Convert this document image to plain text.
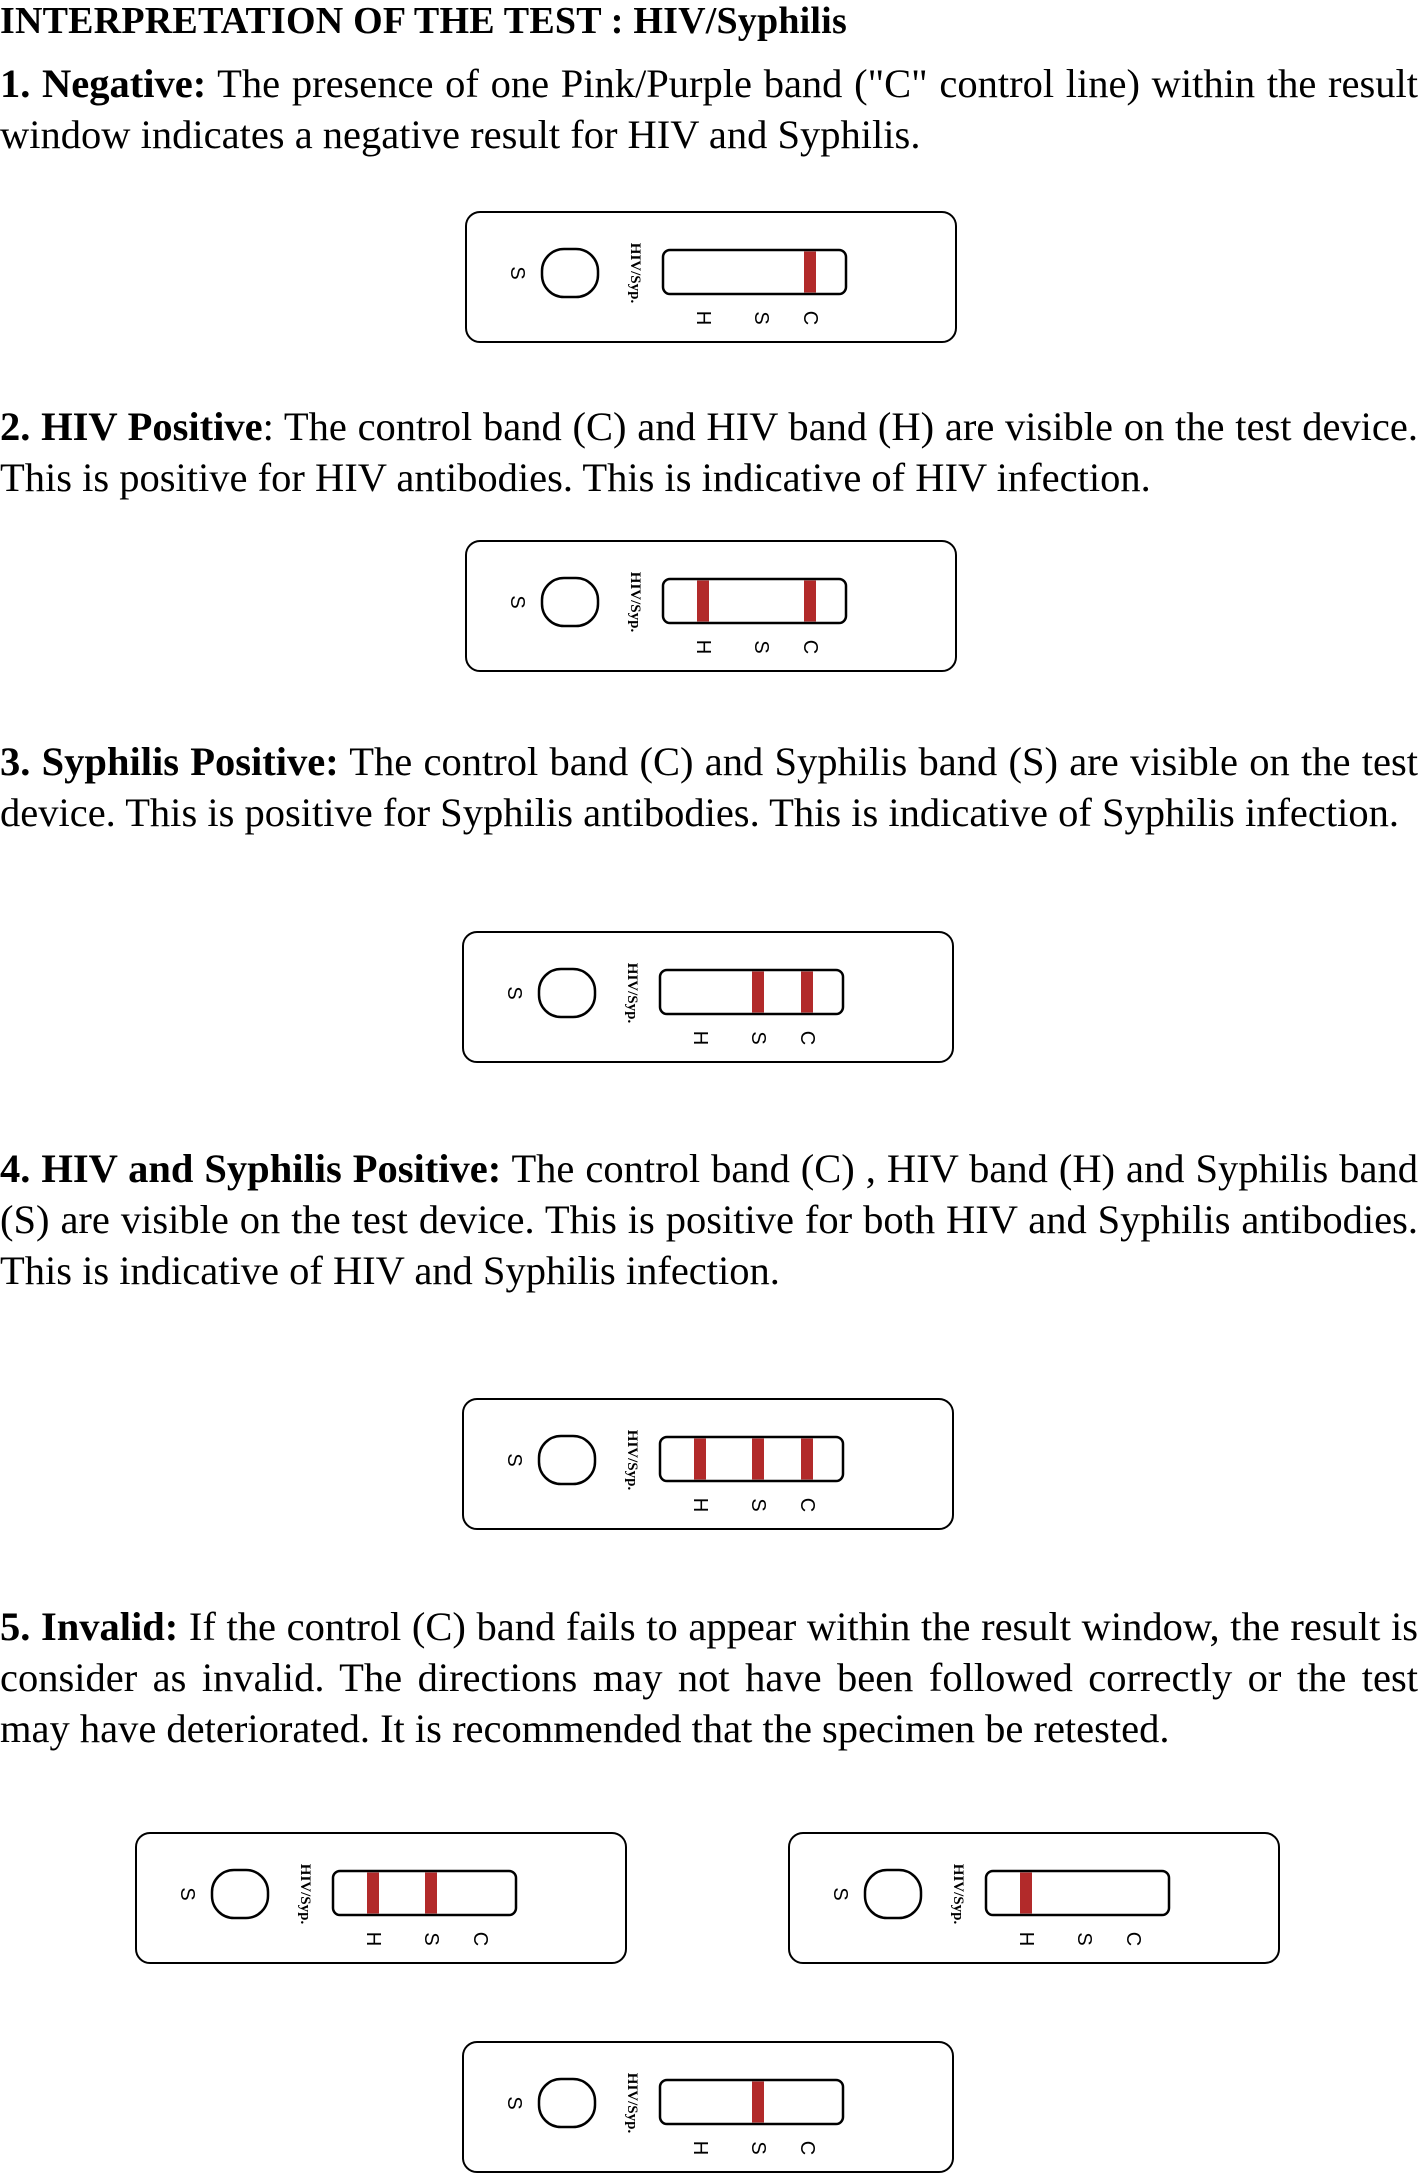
INTERPRETATION OF THE TEST : HIV/Syphilis

1. Negative: The presence of one Pink/Purple band ("C" control line) within the result window indicates a negative result for HIV and Syphilis.

S	HIV/Syp.
H S C

2. HIV Positive: The control band (C) and HIV band (H) are visible on the test device. This is positive for HIV antibodies. This is indicative of HIV infection.

S	HIV/Syp.
H S C

3. Syphilis Positive: The control band (C) and Syphilis band (S) are visible on the test device. This is positive for Syphilis antibodies. This is indicative of Syphilis infection.

S	HIV/Syp.
H S C

4. HIV and Syphilis Positive: The control band (C) , HIV band (H) and Syphilis band (S) are visible on the test device. This is positive for both HIV and Syphilis antibodies. This is indicative of HIV and Syphilis infection.

S	HIV/Syp.
H S C

5. Invalid: If the control (C) band fails to appear within the result window, the result is consider as invalid. The directions may not have been followed correctly or the test may have deteriorated. It is recommended that the specimen be retested.

S	HIV/Syp.
H S C
S	HIV/Syp.
H S C
S	HIV/Syp.
H S C
